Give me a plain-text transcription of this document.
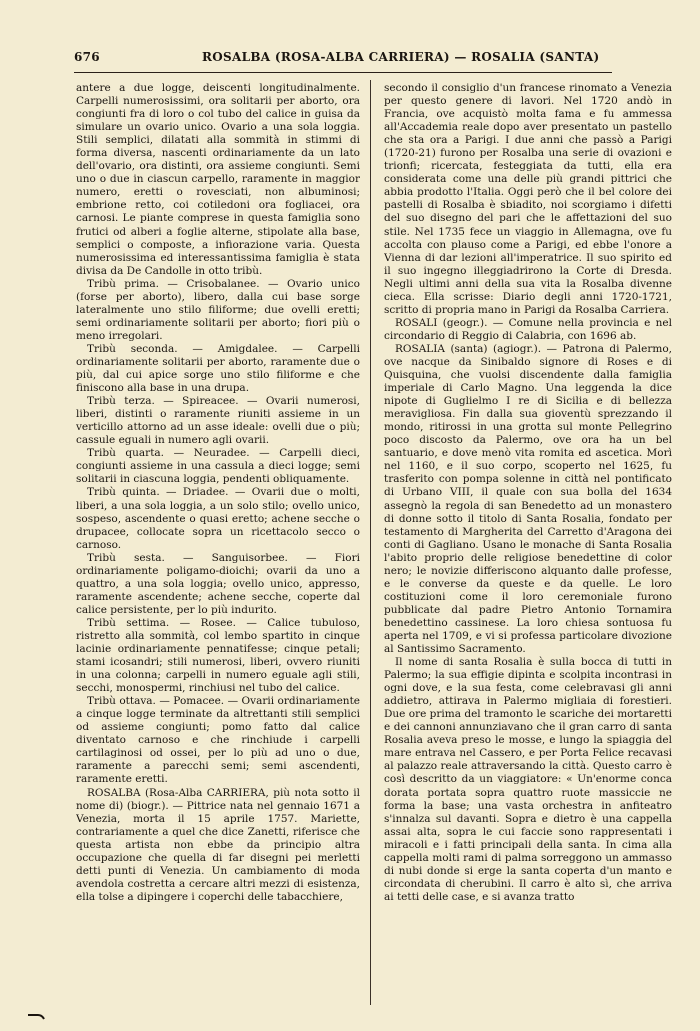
676	ROSALBA (ROSA-ALBA CARRIERA) — ROSALIA (SANTA)

antere a due logge, deiscenti longitudinalmente. Carpelli numerosissimi, ora solitarii per aborto, ora congiunti fra di loro o col tubo del calice in guisa da simulare un ovario unico. Ovario a una sola loggia. Stili semplici, dilatati alla sommità in stimmi di forma diversa, nascenti ordinariamente da un lato dell'ovario, ora distinti, ora assieme congiunti. Semi uno o due in ciascun carpello, raramente in maggior numero, eretti o rovesciati, non albuminosi; embrione retto, coi cotiledoni ora fogliacei, ora carnosi. Le piante comprese in questa famiglia sono frutici od alberi a foglie alterne, stipolate alla base, semplici o composte, a infiorazione varia. Questa numerosissima ed interessantissima famiglia è stata divisa da De Candolle in otto tribù.

Tribù prima. — Crisobalanee. — Ovario unico (forse per aborto), libero, dalla cui base sorge lateralmente uno stilo filiforme; due ovelli eretti; semi ordinariamente solitarii per aborto; fiori più o meno irregolari.

Tribù seconda. — Amigdalee. — Carpelli ordinariamente solitarii per aborto, raramente due o più, dal cui apice sorge uno stilo filiforme e che finiscono alla base in una drupa.

Tribù terza. — Spireacee. — Ovarii numerosi, liberi, distinti o raramente riuniti assieme in un verticillo attorno ad un asse ideale: ovelli due o più; cassule eguali in numero agli ovarii.

Tribù quarta. — Neuradee. — Carpelli dieci, congiunti assieme in una cassula a dieci logge; semi solitarii in ciascuna loggia, pendenti obliquamente.

Tribù quinta. — Driadee. — Ovarii due o molti, liberi, a una sola loggia, a un solo stilo; ovello unico, sospeso, ascendente o quasi eretto; achene secche o drupacee, collocate sopra un ricettacolo secco o carnoso.

Tribù sesta. — Sanguisorbee. — Fiori ordinariamente poligamo-dioichi; ovarii da uno a quattro, a una sola loggia; ovello unico, appresso, raramente ascendente; achene secche, coperte dal calice persistente, per lo più indurito.

Tribù settima. — Rosee. — Calice tubuloso, ristretto alla sommità, col lembo spartito in cinque lacinie ordinariamente pennatifesse; cinque petali; stami icosandri; stili numerosi, liberi, ovvero riuniti in una colonna; carpelli in numero eguale agli stili, secchi, monospermi, rinchiusi nel tubo del calice.

Tribù ottava. — Pomacee. — Ovarii ordinariamente a cinque logge terminate da altrettanti stili semplici od assieme congiunti; pomo fatto dal calice diventato carnoso e che rinchiude i carpelli cartilaginosi od ossei, per lo più ad uno o due, raramente a parecchi semi; semi ascendenti, raramente eretti.

ROSALBA (Rosa-Alba CARRIERA, più nota sotto il nome di) (biogr.). — Pittrice nata nel gennaio 1671 a Venezia, morta il 15 aprile 1757. Mariette, contrariamente a quel che dice Zanetti, riferisce che questa artista non ebbe da principio altra occupazione che quella di far disegni pei merletti detti punti di Venezia. Un cambiamento di moda avendola costretta a cercare altri mezzi di esistenza, ella tolse a dipingere i coperchi delle tabacchiere,

secondo il consiglio d'un francese rinomato a Venezia per questo genere di lavori. Nel 1720 andò in Francia, ove acquistò molta fama e fu ammessa all'Accademia reale dopo aver presentato un pastello che sta ora a Parigi. I due anni che passò a Parigi (1720-21) furono per Rosalba una serie di ovazioni e trionfi; ricercata, festeggiata da tutti, ella era considerata come una delle più grandi pittrici che abbia prodotto l'Italia. Oggi però che il bel colore dei pastelli di Rosalba è sbiadito, noi scorgiamo i difetti del suo disegno del pari che le affettazioni del suo stile. Nel 1735 fece un viaggio in Allemagna, ove fu accolta con plauso come a Parigi, ed ebbe l'onore a Vienna di dar lezioni all'imperatrice. Il suo spirito ed il suo ingegno illeggiadrirono la Corte di Dresda. Negli ultimi anni della sua vita la Rosalba divenne cieca. Ella scrisse: Diario degli anni 1720-1721, scritto di propria mano in Parigi da Rosalba Carriera.

ROSALI (geogr.). — Comune nella provincia e nel circondario di Reggio di Calabria, con 1696 ab.

ROSALIA (santa) (agiogr.). — Patrona di Palermo, ove nacque da Sinibaldo signore di Roses e di Quisquina, che vuolsi discendente dalla famiglia imperiale di Carlo Magno. Una leggenda la dice nipote di Guglielmo I re di Sicilia e di bellezza meravigliosa. Fin dalla sua gioventù sprezzando il mondo, ritirossi in una grotta sul monte Pellegrino poco discosto da Palermo, ove ora ha un bel santuario, e dove menò vita romita ed ascetica. Morì nel 1160, e il suo corpo, scoperto nel 1625, fu trasferito con pompa solenne in città nel pontificato di Urbano VIII, il quale con sua bolla del 1634 assegnò la regola di san Benedetto ad un monastero di donne sotto il titolo di Santa Rosalia, fondato per testamento di Margherita del Carretto d'Aragona dei conti di Gagliano. Usano le monache di Santa Rosalia l'abito proprio delle religiose benedettine di color nero; le novizie differiscono alquanto dalle professe, e le converse da queste e da quelle. Le loro costituzioni come il loro ceremoniale furono pubblicate dal padre Pietro Antonio Tornamira benedettino cassinese. La loro chiesa sontuosa fu aperta nel 1709, e vi si professa particolare divozione al Santissimo Sacramento.

Il nome di santa Rosalia è sulla bocca di tutti in Palermo; la sua effigie dipinta e scolpita incontrasi in ogni dove, e la sua festa, come celebravasi gli anni addietro, attirava in Palermo migliaia di forestieri. Due ore prima del tramonto le scariche dei mortaretti e dei cannoni annunziavano che il gran carro di santa Rosalia aveva preso le mosse, e lungo la spiaggia del mare entrava nel Cassero, e per Porta Felice recavasi al palazzo reale attraversando la città. Questo carro è così descritto da un viaggiatore: « Un'enorme conca dorata portata sopra quattro ruote massiccie ne forma la base; una vasta orchestra in anfiteatro s'innalza sul davanti. Sopra e dietro è una cappella assai alta, sopra le cui faccie sono rappresentati i miracoli e i fatti principali della santa. In cima alla cappella molti rami di palma sorreggono un ammasso di nubi donde si erge la santa coperta d'un manto e circondata di cherubini. Il carro è alto sì, che arriva ai tetti delle case, e si avanza tratto
